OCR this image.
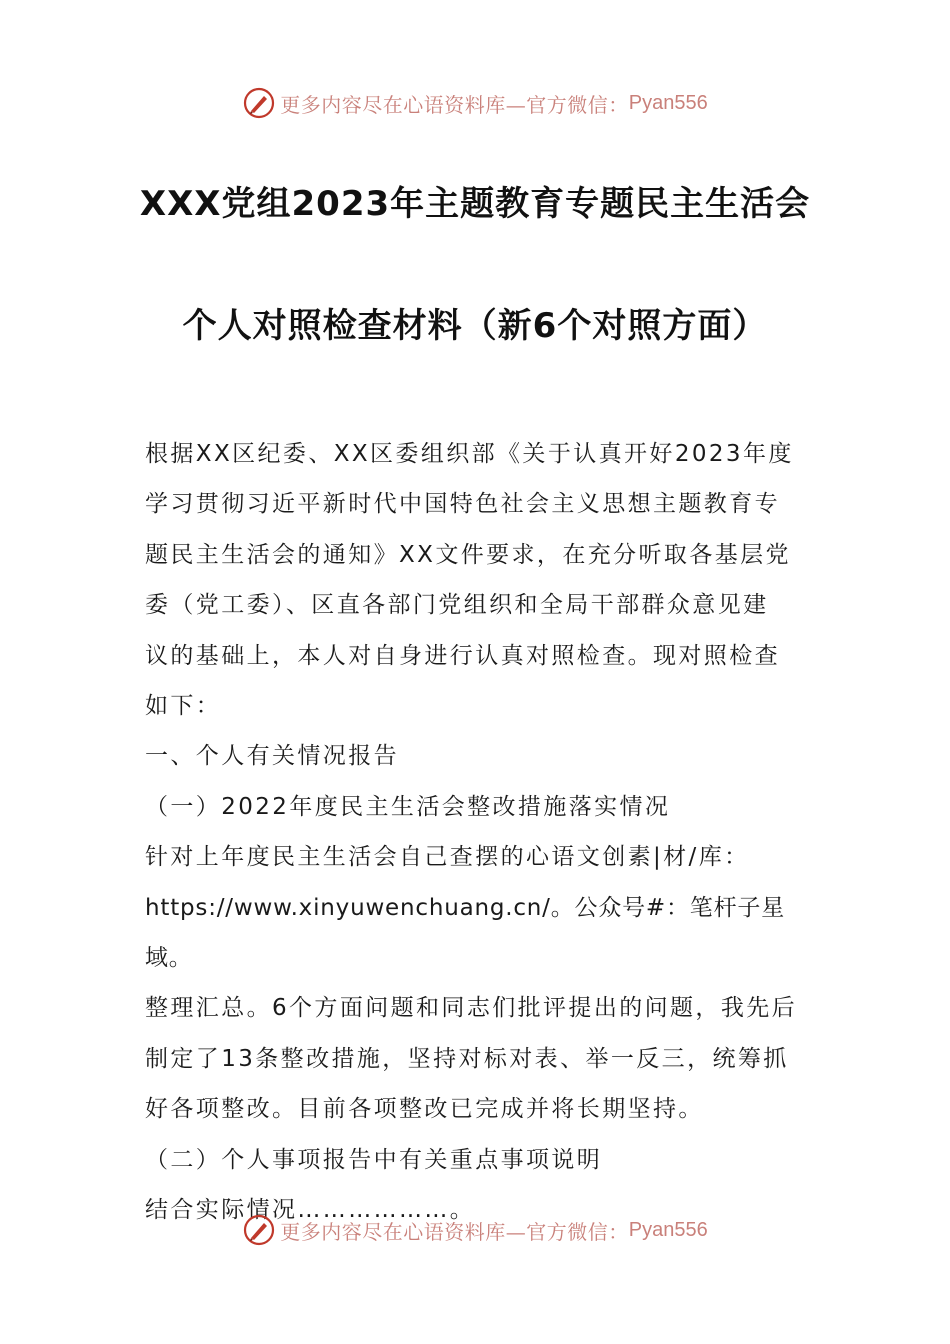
更多内容尽在心语资料库—官方微信： Pyan556
XXX党组2023年主题教育专题民主生活会
个人对照检查材料（新6个对照方面）

根据XX区纪委、XX区委组织部《关于认真开好2023年度

学习贯彻习近平新时代中国特色社会主义思想主题教育专

题民主生活会的通知》XX文件要求，在充分听取各基层党

委（党工委）、区直各部门党组织和全局干部群众意见建

议的基础上，本人对自身进行认真对照检查。现对照检查

如下：

一、个人有关情况报告

（一）2022年度民主生活会整改措施落实情况

针对上年度民主生活会自己查摆的心语文创素|材/库：

https://www.xinyuwenchuang.cn/。公众号#：笔杆子星域。

整理汇总。6个方面问题和同志们批评提出的问题，我先后

制定了13条整改措施，坚持对标对表、举一反三，统筹抓

好各项整改。目前各项整改已完成并将长期坚持。

（二）个人事项报告中有关重点事项说明

结合实际情况………………。

更多内容尽在心语资料库—官方微信： Pyan556
